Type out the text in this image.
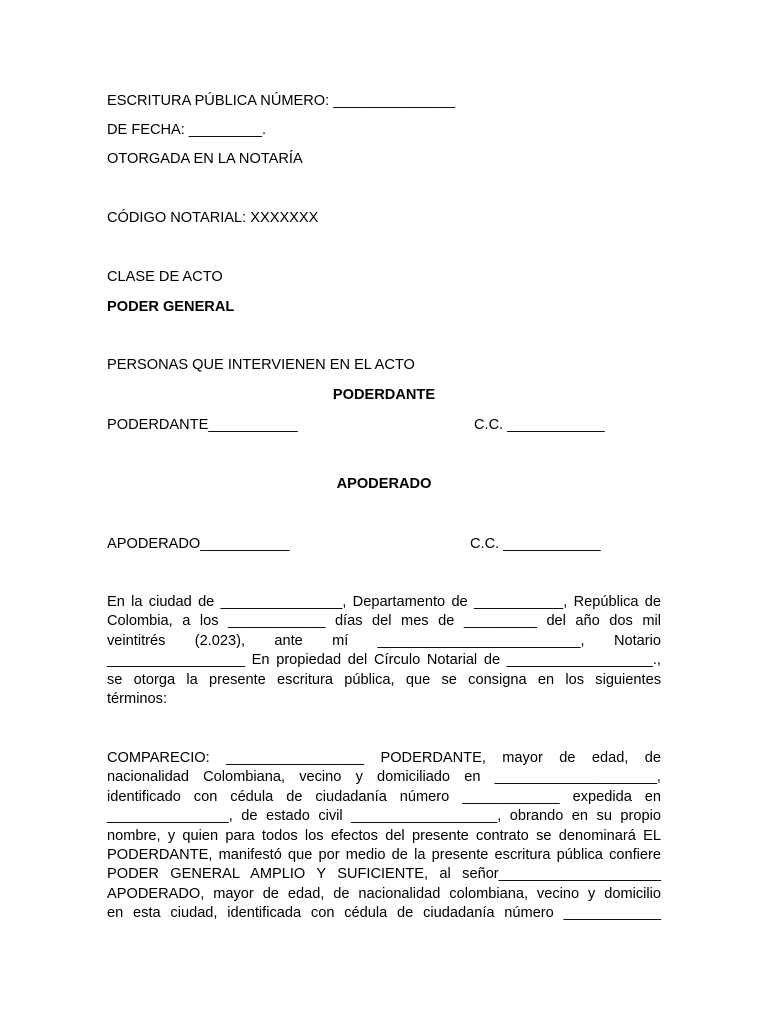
ESCRITURA PÚBLICA NÚMERO: _______________
DE FECHA: _________.
OTORGADA EN LA NOTARÍA
CÓDIGO NOTARIAL: XXXXXXX
CLASE DE ACTO
PODER GENERAL
PERSONAS QUE INTERVIENEN EN EL ACTO
PODERDANTE
PODERDANTE___________	C.C. ____________
APODERADO
APODERADO___________	C.C. ____________
En la ciudad de _______________, Departamento de ___________, República de
Colombia, a los ____________ días del mes de _________ del año dos mil
veintitrés (2.023), ante mí _________________________, Notario
_________________ En propiedad del Círculo Notarial de __________________.,
se otorga la presente escritura pública, que se consigna en los siguientes
términos:
COMPARECIO: _________________ PODERDANTE, mayor de edad, de
nacionalidad Colombiana, vecino y domiciliado en ____________________,
identificado con cédula de ciudadanía número ____________ expedida en
_______________, de estado civil __________________, obrando en su propio
nombre, y quien para todos los efectos del presente contrato se denominará EL
PODERDANTE, manifestó que por medio de la presente escritura pública confiere
PODER GENERAL AMPLIO Y SUFICIENTE, al señor____________________
APODERADO, mayor de edad, de nacionalidad colombiana, vecino y domicilio
en esta ciudad, identificada con cédula de ciudadanía número ____________
